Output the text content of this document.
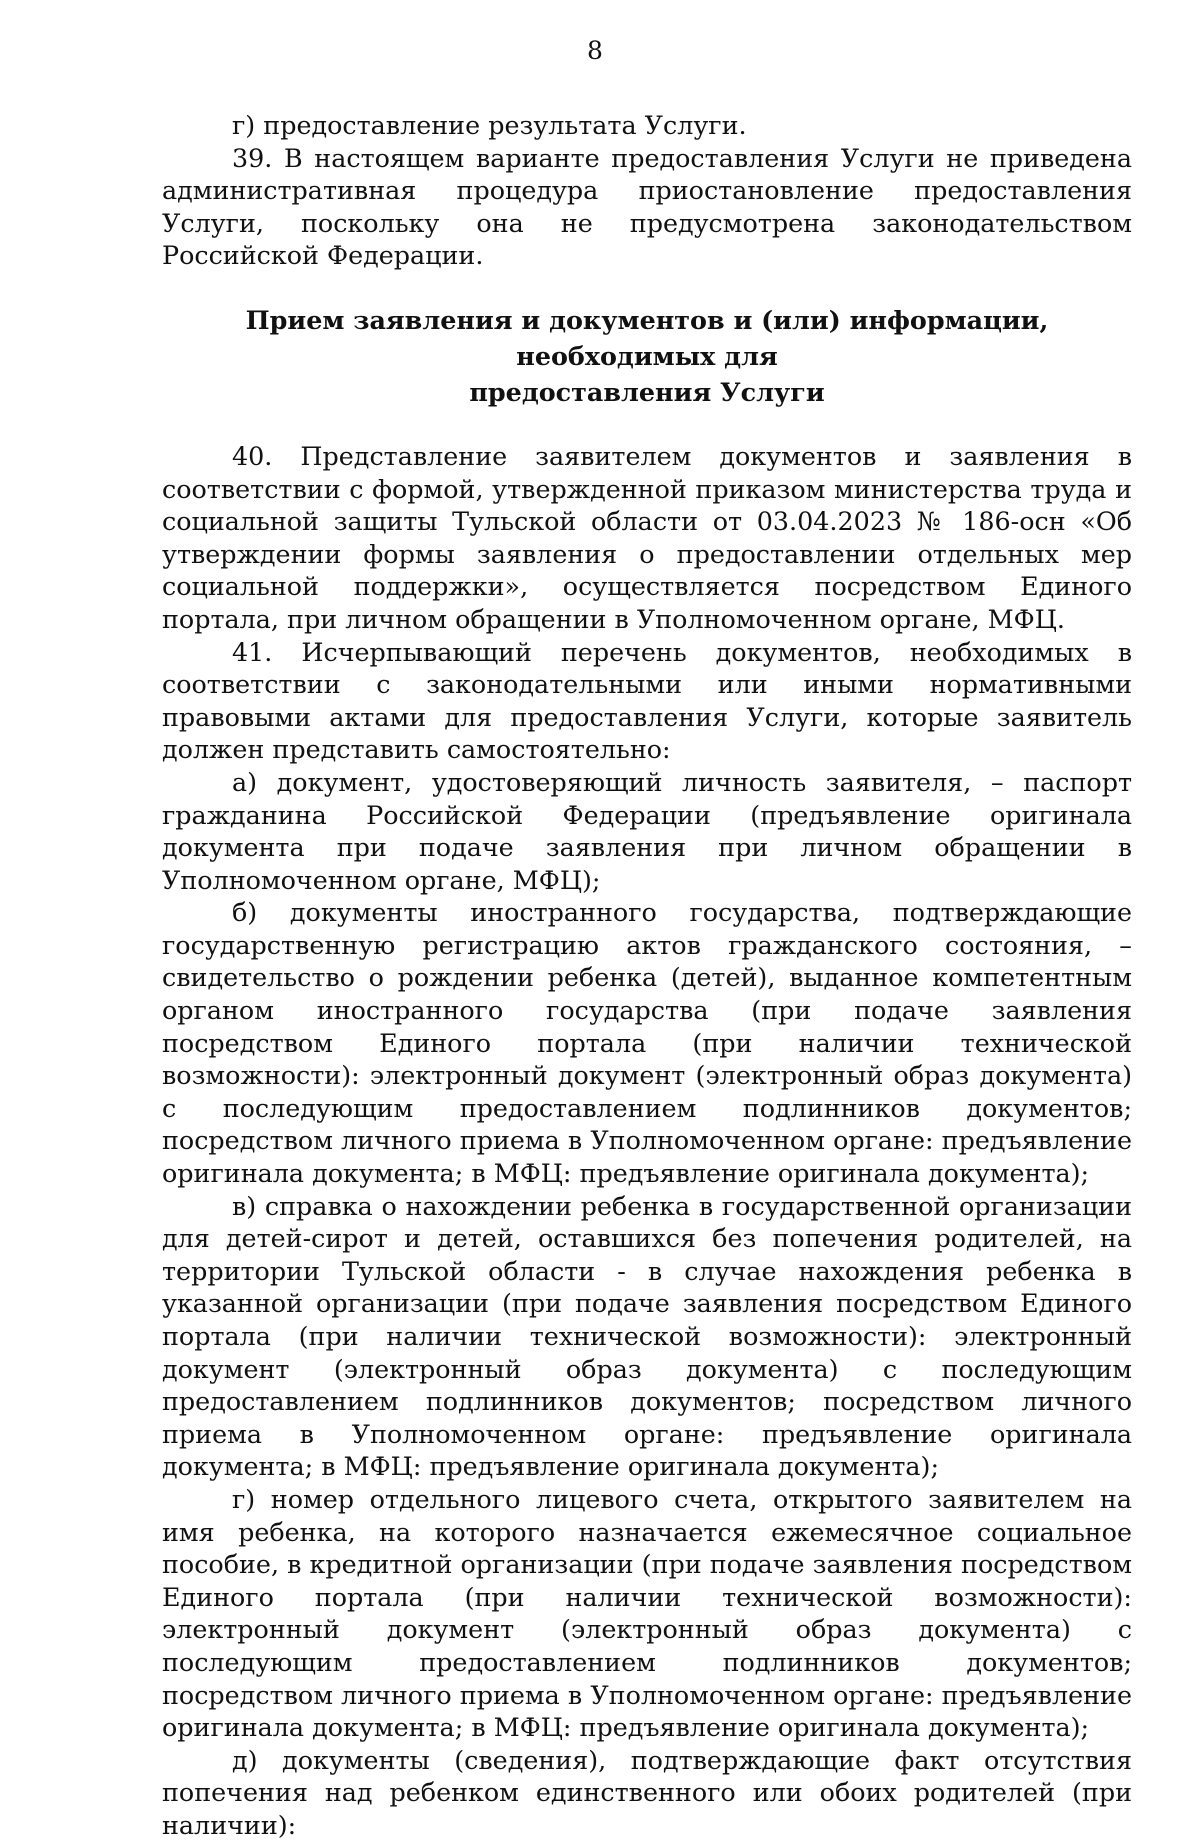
8

г) предоставление результата Услуги.

39. В настоящем варианте предоставления Услуги не приведена административная процедура приостановление предоставления Услуги, поскольку она не предусмотрена законодательством Российской Федерации.

Прием заявления и документов и (или) информации, необходимых для
предоставления Услуги

40. Представление заявителем документов и заявления в соответствии с формой, утвержденной приказом министерства труда и социальной защиты Тульской области от 03.04.2023 № 186-осн «Об утверждении формы заявления о предоставлении отдельных мер социальной поддержки», осуществляется посредством Единого портала, при личном обращении в Уполномоченном органе, МФЦ.

41. Исчерпывающий перечень документов, необходимых в соответствии с законодательными или иными нормативными правовыми актами для предоставления Услуги, которые заявитель должен представить самостоятельно:

а) документ, удостоверяющий личность заявителя, – паспорт гражданина Российской Федерации (предъявление оригинала документа при подаче заявления при личном обращении в Уполномоченном органе, МФЦ);

б) документы иностранного государства, подтверждающие государственную регистрацию актов гражданского состояния, – свидетельство о рождении ребенка (детей), выданное компетентным органом иностранного государства (при подаче заявления посредством Единого портала (при наличии технической возможности): электронный документ (электронный образ документа) с последующим предоставлением подлинников документов; посредством личного приема в Уполномоченном органе: предъявление оригинала документа; в МФЦ: предъявление оригинала документа);

в) справка о нахождении ребенка в государственной организации для детей-сирот и детей, оставшихся без попечения родителей, на территории Тульской области - в случае нахождения ребенка в указанной организации (при подаче заявления посредством Единого портала (при наличии технической возможности): электронный документ (электронный образ документа) с последующим предоставлением подлинников документов; посредством личного приема в Уполномоченном органе: предъявление оригинала документа; в МФЦ: предъявление оригинала документа);

г) номер отдельного лицевого счета, открытого заявителем на имя ребенка, на которого назначается ежемесячное социальное пособие, в кредитной организации (при подаче заявления посредством Единого портала (при наличии технической возможности): электронный документ (электронный образ документа) с последующим предоставлением подлинников документов; посредством личного приема в Уполномоченном органе: предъявление оригинала документа; в МФЦ: предъявление оригинала документа);

д) документы (сведения), подтверждающие факт отсутствия попечения над ребенком единственного или обоих родителей (при наличии):
